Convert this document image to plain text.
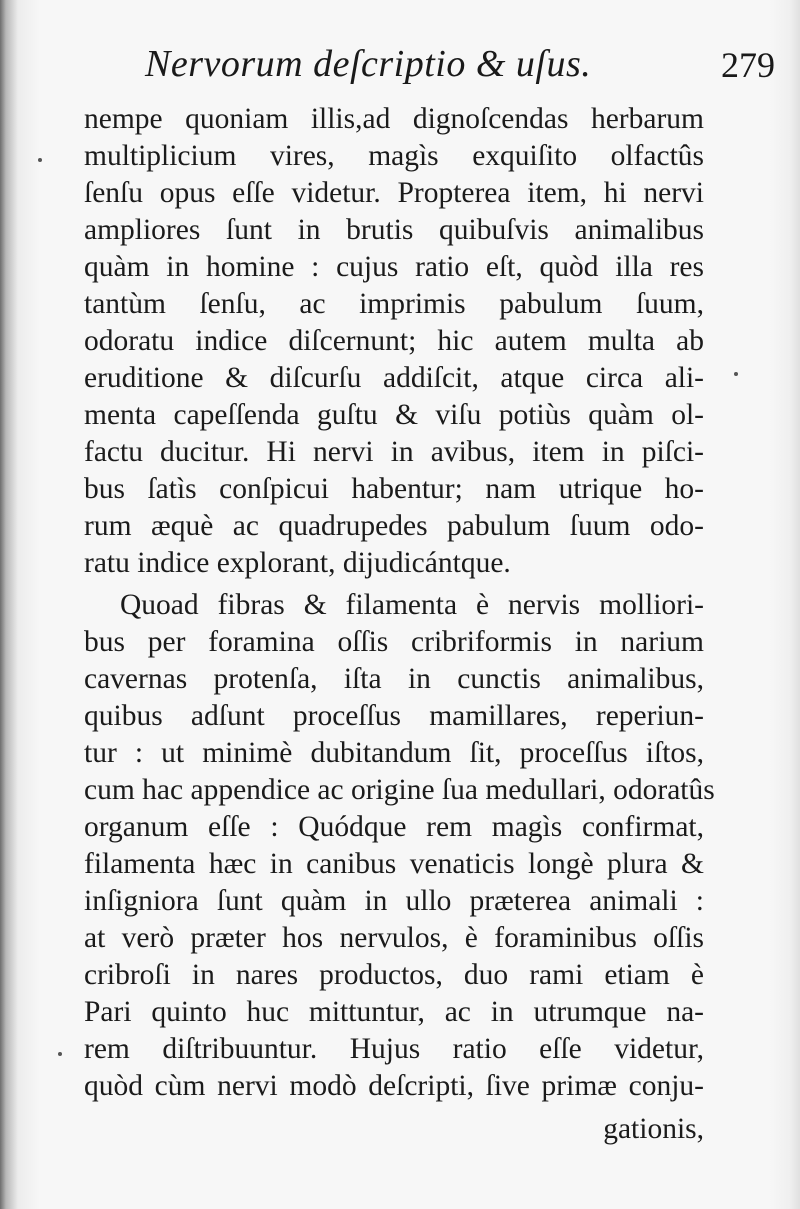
Nervorum deſcriptio & uſus.	279
nempe quoniam illis,ad dignoſcendas herbarum
multiplicium vires, magìs exquiſito olfactûs
ſenſu opus eſſe videtur. Propterea item, hi nervi
ampliores ſunt in brutis quibuſvis animalibus
quàm in homine : cujus ratio eſt, quòd illa res
tantùm ſenſu, ac imprimis pabulum ſuum,
odoratu indice diſcernunt; hic autem multa ab
eruditione & diſcurſu addiſcit, atque circa ali-
menta capeſſenda guſtu & viſu potiùs quàm ol-
factu ducitur. Hi nervi in avibus, item in piſci-
bus ſatìs conſpicui habentur; nam utrique ho-
rum æquè ac quadrupedes pabulum ſuum odo-
ratu indice explorant, dijudicántque.
Quoad fibras & filamenta è nervis molliori-
bus per foramina oſſis cribriformis in narium
cavernas protenſa, iſta in cunctis animalibus,
quibus adſunt proceſſus mamillares, reperiun-
tur : ut minimè dubitandum ſit, proceſſus iſtos,
cum hac appendice ac origine ſua medullari, odoratûs
organum eſſe : Quódque rem magìs confirmat,
filamenta hæc in canibus venaticis longè plura &
inſigniora ſunt quàm in ullo præterea animali :
at verò præter hos nervulos, è foraminibus oſſis
cribroſi in nares productos, duo rami etiam è
Pari quinto huc mittuntur, ac in utrumque na-
rem diſtribuuntur. Hujus ratio eſſe videtur,
quòd cùm nervi modò deſcripti, ſive primæ conju-
gationis,
